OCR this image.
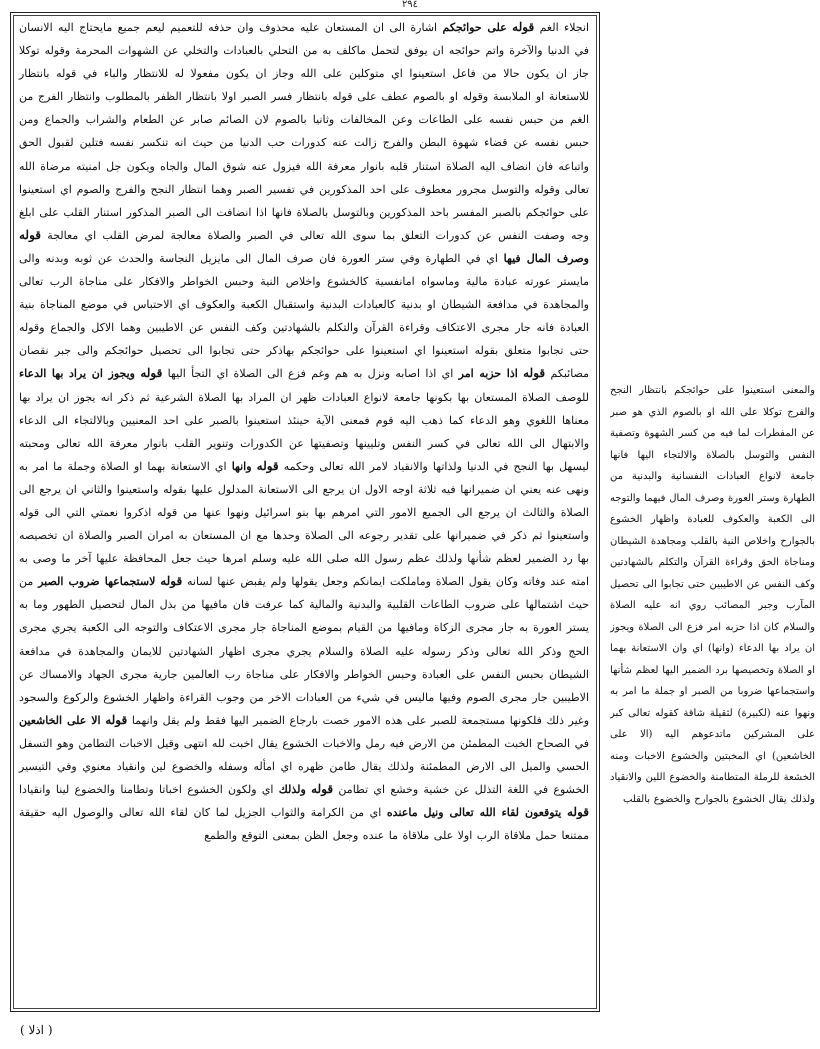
٢٩٤

انجلاء الغم قوله على حوائجكم اشارة الى ان المستعان عليه محذوف وان حذفه للتعميم ليعم جميع مايحتاج اليه الانسان في الدنيا والآخرة واتم حوائجه ان يوفق لتحمل ماكلف به من التحلي بالعبادات والتخلي عن الشهوات المحرمة وقوله توكلا جاز ان يكون حالا من فاعل استعينوا اي متوكلين على الله وجاز ان يكون مفعولا له للانتظار والباء في قوله بانتظار للاستعانة او الملابسة وقوله او بالصوم عطف على قوله بانتظار فسر الصبر اولا بانتظار الظفر بالمطلوب وانتظار الفرج من الغم من حبس نفسه على الطاعات وعن المخالفات وثانيا بالصوم لان الصائم صابر عن الطعام والشراب والجماع ومن حبس نفسه عن قضاء شهوة البطن والفرج زالت عنه كدورات حب الدنيا من حيث انه تنكسر نفسه فتلين لقبول الحق واتباعه فان انضاف اليه الصلاة استنار قلبه بانوار معرفة الله فيزول عنه شوق المال والجاه ويكون جل امنيته مرضاة الله تعالى وقوله والتوسل مجرور معطوف على احد المذكورين في تفسير الصبر وهما انتظار النجح والفرج والصوم اي استعينوا على حوائجكم بالصبر المفسر باحد المذكورين وبالتوسل بالصلاة فانها اذا انضافت الى الصبر المذكور استنار القلب على ابلغ وجه وصفت النفس عن كدورات التعلق بما سوى الله تعالى في الصبر والصلاة معالجة لمرض القلب اي معالجة قوله وصرف المال فيها اي في الطهارة وفي ستر العورة فان صرف المال الى مايزيل النجاسة والحدث عن ثوبه وبدنه والى مايستر عورته عبادة مالية وماسواه امانفسية كالخشوع واخلاص النية وحبس الخواطر والافكار على مناجاة الرب تعالى والمجاهدة في مدافعة الشيطان او بدنية كالعبادات البدنية واستقبال الكعبة والعكوف اي الاحتباس في موضع المناجاة بنية العبادة فانه جار مجرى الاعتكاف وقراءة القرآن والتكلم بالشهادتين وكف النفس عن الاطيبين وهما الاكل والجماع وقوله حتى تجابوا متعلق بقوله استعينوا اي استعينوا على حوائجكم بهاذكر حتى تجابوا الى تحصيل حوائجكم والى جبر نقصان مصائبكم قوله اذا حزبه امر اي اذا اصابه ونزل به هم وغم فزع الى الصلاة اي التجأ اليها قوله ويجوز ان يراد بها الدعاء للوصف الصلاة المستعان بها بكونها جامعة لانواع العبادات ظهر ان المراد بها الصلاة الشرعية ثم ذكر انه يجوز ان يراد بها معناها اللغوي وهو الدعاء كما ذهب اليه قوم فمعنى الآية حينئذ استعينوا بالصبر على احد المعنيين وبالالتجاء الى الدعاء والابتهال الى الله تعالى في كسر النفس وتليينها وتصفيتها عن الكدورات وتنوير القلب بانوار معرفة الله تعالى ومحبته ليسهل بها النجح في الدنيا ولذاتها والانقياد لامر الله تعالى وحكمه قوله وانها اي الاستعانة بهما او الصلاة وجملة ما امر به ونهى عنه يعني ان ضميرانها فيه ثلاثة اوجه الاول ان يرجع الى الاستعانة المدلول عليها بقوله واستعينوا والثاني ان يرجع الى الصلاة والثالث ان يرجع الى الجميع الامور التي امرهم بها بنو اسرائيل ونهوا عنها من قوله اذكروا نعمتي التي الى قوله واستعينوا ثم ذكر في ضميرانها على تقدير رجوعه الى الصلاة وحدها مع ان المستعان به امران الصبر والصلاة ان تخصيصه بها رد الضمير لعظم شأنها ولذلك عظم رسول الله صلى الله عليه وسلم امرها حيث جعل المحافظة عليها آخر ما وصى به امته عند وفاته وكان يقول الصلاة وماملكت ايمانكم وجعل يقولها ولم يقبض عنها لسانه قوله لاستجماعها ضروب الصبر من حيث اشتمالها على ضروب الطاعات القلبية والبدنية والمالية كما عرفت فان مافيها من بذل المال لتحصيل الطهور وما به يستر العورة به جار مجرى الزكاة ومافيها من القيام بموضع المناجاة جار مجرى الاعتكاف والتوجه الى الكعبة يجري مجرى الحج وذكر الله تعالى وذكر رسوله عليه الصلاة والسلام يجري مجرى اظهار الشهادتين للايمان والمجاهدة في مدافعة الشيطان بحبس النفس على العبادة وحبس الخواطر والافكار على مناجاة رب العالمين جارية مجرى الجهاد والامساك عن الاطيبين جار مجرى الصوم وفيها ماليس في شيء من العبادات الاخر من وجوب القراءة واظهار الخشوع والركوع والسجود وغير ذلك فلكونها مستجمعة للصبر على هذه الامور خصت بارجاع الضمير اليها فقط ولم يقل وانهما قوله الا على الخاشعين في الصحاح الخبت المطمئن من الارض فيه رمل والاخبات الخشوع يقال اخبت لله انتهى وقيل الاخبات التطامن وهو التسفل الحسي والميل الى الارض المطمئنة ولذلك يقال طامن ظهره اي امأله وسفله والخضوع لين وانقياد معنوي وفي التيسير الخشوع في اللغة التذلل عن خشية وخشع اي تطامن قوله ولذلك اي ولكون الخشوع اخباتا وتطامنا والخضوع لينا وانقيادا قوله يتوقعون لقاء الله تعالى ونيل ماعنده اي من الكرامة والثواب الجزيل لما كان لقاء الله تعالى والوصول اليه حقيقة ممتنعا حمل ملاقاة الرب اولا على ملاقاة ما عنده وجعل الظن بمعنى التوقع والطمع

والمعنى استعينوا على حوائجكم بانتظار النجح والفرج توكلا على الله او بالصوم الذي هو صبر عن المفطرات لما فيه من كسر الشهوة وتصفية النفس والتوسل بالصلاة والالتجاء اليها فانها جامعة لانواع العبادات النفسانية والبدنية من الطهارة وستر العورة وصرف المال فيهما والتوجه الى الكعبة والعكوف للعبادة واظهار الخشوع بالجوارح واخلاص النية بالقلب ومجاهدة الشيطان ومناجاة الحق وقراءة القرآن والتكلم بالشهادتين وكف النفس عن الاطيبين حتى تجابوا الى تحصيل المآرب وجبر المصائب روي انه عليه الصلاة والسلام كان اذا حزبه امر فزع الى الصلاة ويجوز ان يراد بها الدعاء (وانها) اي وان الاستعانة بهما او الصلاة وتخصيصها برد الضمير اليها لعظم شأنها واستجماعها ضروبا من الصبر او جملة ما امر به ونهوا عنه (لكبيرة) لثقيلة شاقة كقوله تعالى كبر على المشركين ماتدعوهم اليه (الا على الخاشعين) اي المخبتين والخشوع الاخبات ومنه الخشعة للرملة المتطامنة والخضوع اللين والانقياد ولذلك يقال الخشوع بالجوارح والخضوع بالقلب
( اذلا )
